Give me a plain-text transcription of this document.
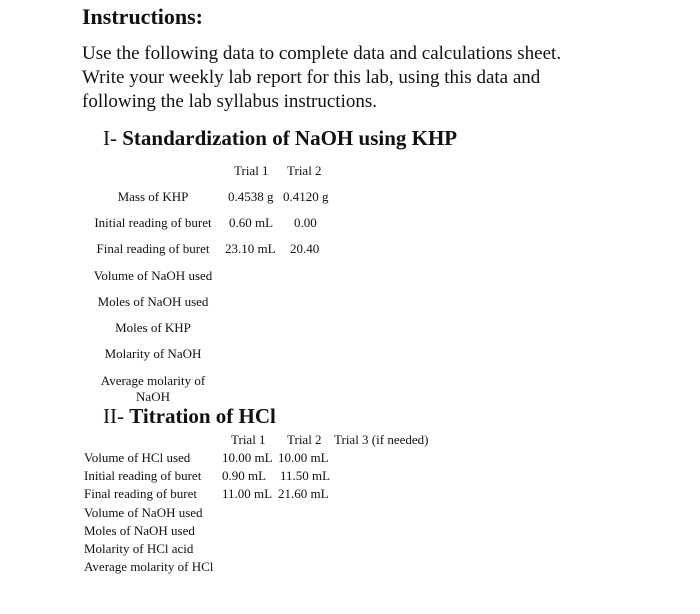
Instructions:
Use the following data to complete data and calculations sheet.
Write your weekly lab report for this lab, using this data and
following the lab syllabus instructions.
I- Standardization of NaOH using KHP
Trial 1 Trial 2
Mass of KHP	0.4538 g 0.4120 g
Initial reading of buret	0.60 mL 0.00
Final reading of buret	23.10 mL 20.40
Volume of NaOH used
Moles of NaOH used
Moles of KHP
Molarity of NaOH
Average molarity of
NaOH
II- Titration of HCl
Trial 1 Trial 2 Trial 3 (if needed)
Volume of HCl used 10.00 mL 10.00 mL
Initial reading of buret 0.90 mL 11.50 mL
Final reading of buret 11.00 mL 21.60 mL
Volume of NaOH used
Moles of NaOH used
Molarity of HCl acid
Average molarity of HCl
